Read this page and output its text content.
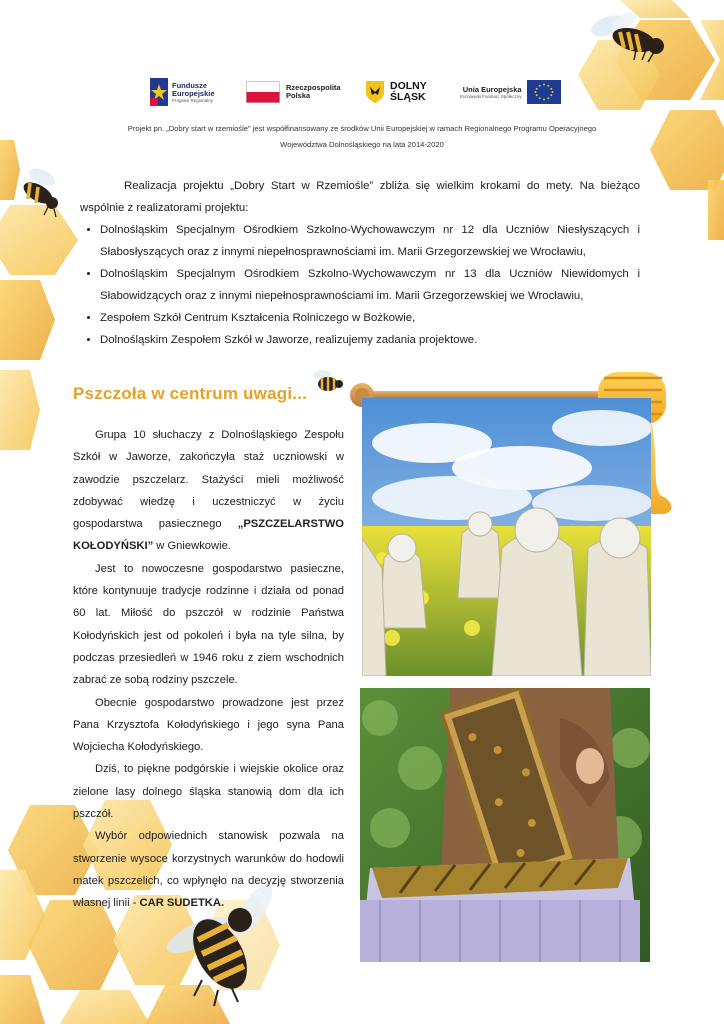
Fundusze
Europejskie
Program Regionalny
Rzeczpospolita
Polska
DOLNY
ŚLĄSK
Unia Europejska
Europejski Fundusz Społeczny
Projekt pn. „Dobry start w rzemiośle” jest współfinansowany ze środków Unii Europejskiej w ramach Regionalnego Programu Operacyjnego
Województwa Dolnośląskiego na lata 2014-2020

Realizacja projektu „Dobry Start w Rzemiośle” zbliża się wielkim krokami do mety. Na bieżąco wspólnie z realizatorami projektu:

• Dolnośląskim Specjalnym Ośrodkiem Szkolno-Wychowawczym nr 12 dla Uczniów Niesłyszących i Słabosłyszących oraz z innymi niepełnosprawnościami im. Marii Grzegorzewskiej we Wrocławiu,
• Dolnośląskim Specjalnym Ośrodkiem Szkolno-Wychowawczym nr 13 dla Uczniów Niewidomych i Słabowidzących oraz z innymi niepełnosprawnościami im. Marii Grzegorzewskiej we Wrocławiu,
• Zespołem Szkół Centrum Kształcenia Rolniczego w Bożkowie,
• Dolnośląskim Zespołem Szkół w Jaworze, realizujemy zadania projektowe.
Pszczoła w centrum uwagi...

Grupa 10 słuchaczy z Dolnośląskiego Zespołu Szkół w Jaworze, zakończyła staż uczniowski w zawodzie pszczelarz. Stażyści mieli możliwość zdobywać wiedzę i uczestniczyć w życiu gospodarstwa pasiecznego „PSZCZELARSTWO KOŁODYŃSKI” w Gniewkowie.

Jest to nowoczesne gospodarstwo pasieczne, które kontynuuje tradycje rodzinne i działa od ponad 60 lat. Miłość do pszczół w rodzinie Państwa Kołodyńskich jest od pokoleń i była na tyle silna, by podczas przesiedleń w 1946 roku z ziem wschodnich zabrać ze sobą rodziny pszczele.

Obecnie gospodarstwo prowadzone jest przez Pana Krzysztofa Kołodyńskiego i jego syna Pana Wojciecha Kołodyńskiego.

Dziś, to piękne podgórskie i wiejskie okolice oraz zielone lasy dolnego śląska stanowią dom dla ich pszczół.

Wybór odpowiednich stanowisk pozwala na stworzenie wysoce korzystnych warunków do hodowli matek pszczelich, co wpłynęło na decyzję stworzenia własnej linii - CAR SUDETKA.
